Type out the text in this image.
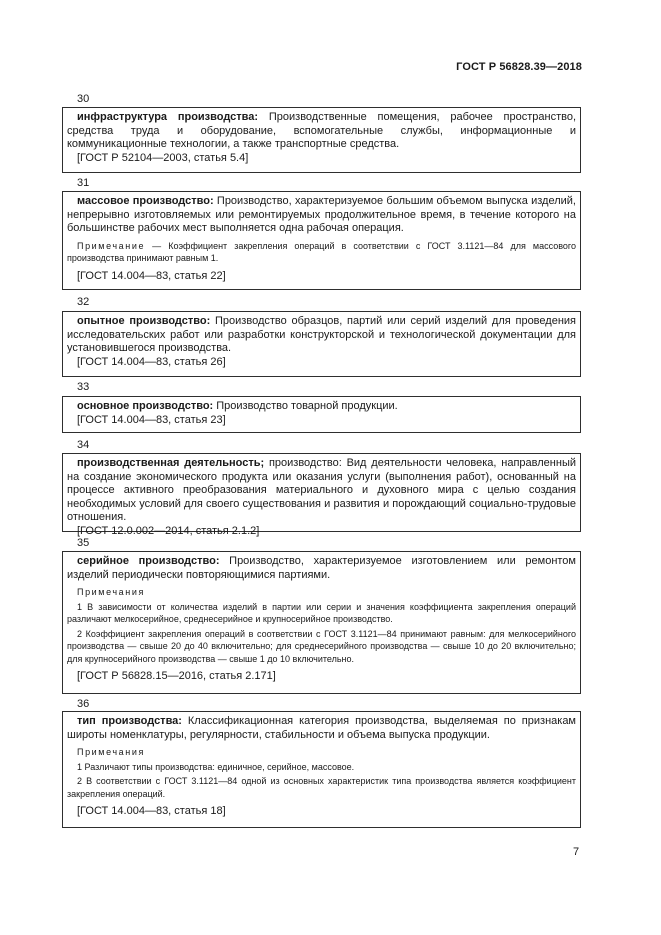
ГОСТ Р 56828.39—2018
30

инфраструктура производства: Производственные помещения, рабочее пространство, средства труда и оборудование, вспомогательные службы, информационные и коммуникационные технологии, а также транспортные средства.

[ГОСТ Р 52104—2003, статья 5.4]

31

массовое производство: Производство, характеризуемое большим объемом выпуска изделий, непрерывно изготовляемых или ремонтируемых продолжительное время, в течение которого на большинстве рабочих мест выполняется одна рабочая операция.

Примечание — Коэффициент закрепления операций в соответствии с ГОСТ 3.1121—84 для массового производства принимают равным 1.

[ГОСТ 14.004—83, статья 22]

32

опытное производство: Производство образцов, партий или серий изделий для проведения исследовательских работ или разработки конструкторской и технологической документации для установившегося производства.

[ГОСТ 14.004—83, статья 26]

33

основное производство: Производство товарной продукции.

[ГОСТ 14.004—83, статья 23]

34

производственная деятельность; производство: Вид деятельности человека, направленный на создание экономического продукта или оказания услуги (выполнения работ), основанный на процессе активного преобразования материального и духовного мира с целью создания необходимых условий для своего существования и развития и порождающий социально-трудовые отношения.

[ГОСТ 12.0.002—2014, статья 2.1.2]

35

серийное производство: Производство, характеризуемое изготовлением или ремонтом изделий периодически повторяющимися партиями.

Примечания

1 В зависимости от количества изделий в партии или серии и значения коэффициента закрепления операций различают мелкосерийное, среднесерийное и крупносерийное производство.

2 Коэффициент закрепления операций в соответствии с ГОСТ 3.1121—84 принимают равным: для мелкосерийного производства — свыше 20 до 40 включительно; для среднесерийного производства — свыше 10 до 20 включительно; для крупносерийного производства — свыше 1 до 10 включительно.

[ГОСТ Р 56828.15—2016, статья 2.171]

36

тип производства: Классификационная категория производства, выделяемая по признакам широты номенклатуры, регулярности, стабильности и объема выпуска продукции.

Примечания

1 Различают типы производства: единичное, серийное, массовое.

2 В соответствии с ГОСТ 3.1121—84 одной из основных характеристик типа производства является коэффициент закрепления операций.

[ГОСТ 14.004—83, статья 18]

7
